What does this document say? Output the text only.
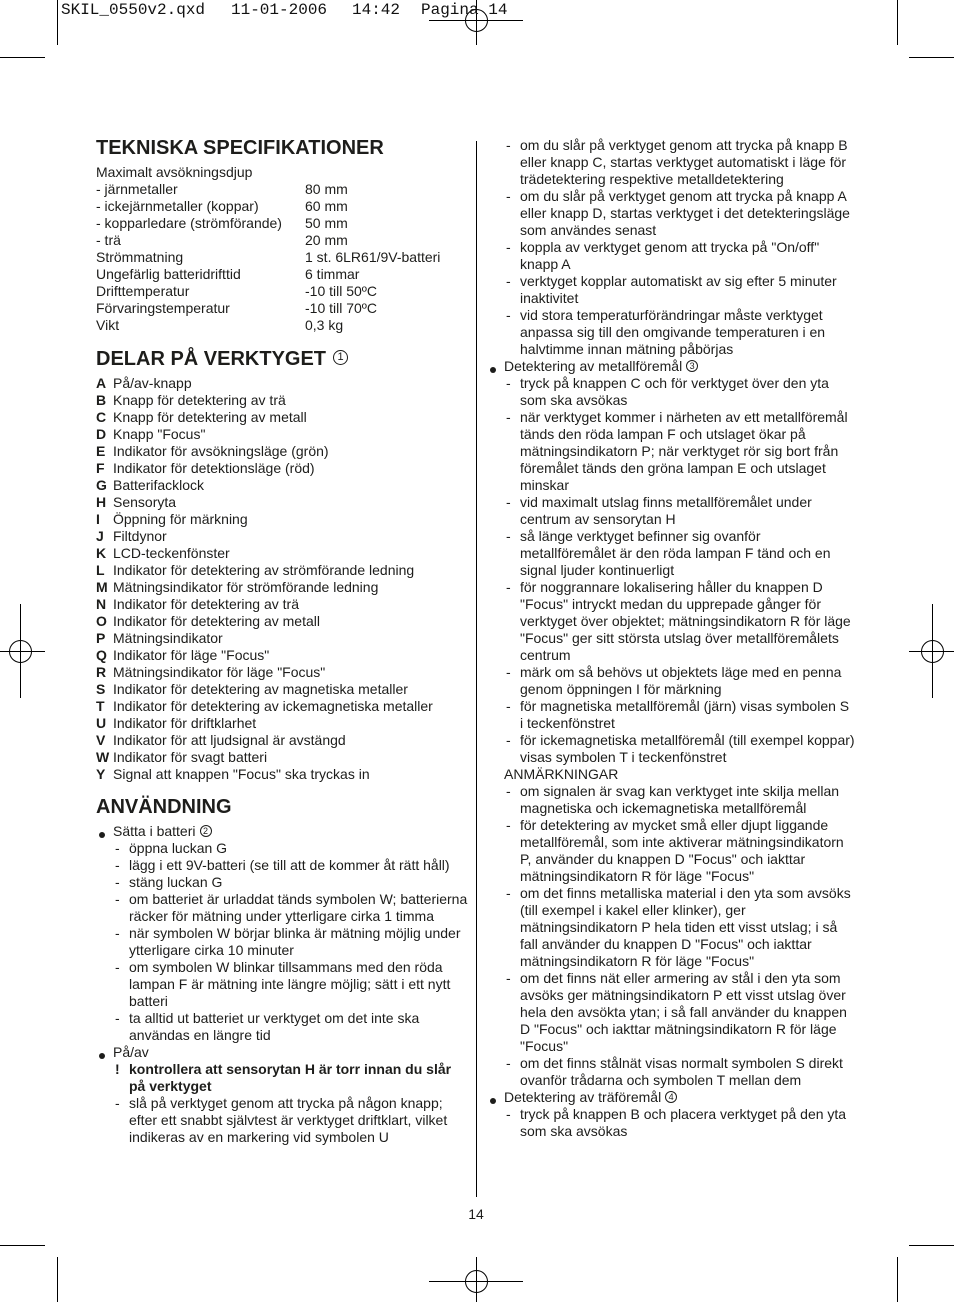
SKIL_0550v2.qxd 11-01-2006 14:42 Pagina 14
TEKNISKA SPECIFIKATIONER
Maximalt avsökningsdjup
- järnmetaller	80 mm
- ickejärnmetaller (koppar)	60 mm
- kopparledare (strömförande) 50 mm
- trä	20 mm
Strömmatning	1 st. 6LR61/9V-batteri
Ungefärlig batteridrifttid	6 timmar
Drifttemperatur	-10 till 50ºC
Förvaringstemperatur	-10 till 70ºC
Vikt	0,3 kg
DELAR PÅ VERKTYGET 1
A På/av-knapp
B Knapp för detektering av trä
C Knapp för detektering av metall
D Knapp "Focus"
E Indikator för avsökningsläge (grön)
F Indikator för detektionsläge (röd)
G Batterifacklock
H Sensoryta
I Öppning för märkning
J Filtdynor
K LCD-teckenfönster
L Indikator för detektering av strömförande ledning
M Mätningsindikator för strömförande ledning
N Indikator för detektering av trä
O Indikator för detektering av metall
P Mätningsindikator
Q Indikator för läge "Focus"
R Mätningsindikator för läge "Focus"
S Indikator för detektering av magnetiska metaller
T Indikator för detektering av ickemagnetiska metaller
U Indikator för driftklarhet
V Indikator för att ljudsignal är avstängd
W Indikator för svagt batteri
Y Signal att knappen "Focus" ska tryckas in
ANVÄNDNING
Sätta i batteri 2
- öppna luckan G
- lägg i ett 9V-batteri (se till att de kommer åt rätt håll)
- stäng luckan G
- om batteriet är urladdat tänds symbolen W; batterierna
räcker för mätning under ytterligare cirka 1 timma
- när symbolen W börjar blinka är mätning möjlig under
ytterligare cirka 10 minuter
- om symbolen W blinkar tillsammans med den röda
lampan F är mätning inte längre möjlig; sätt i ett nytt
batteri
- ta alltid ut batteriet ur verktyget om det inte ska
användas en längre tid
På/av
! kontrollera att sensorytan H är torr innan du slår
på verktyget
- slå på verktyget genom att trycka på någon knapp;
efter ett snabbt självtest är verktyget driftklart, vilket
indikeras av en markering vid symbolen U
- om du slår på verktyget genom att trycka på knapp B
eller knapp C, startas verktyget automatiskt i läge för
trädetektering respektive metalldetektering
- om du slår på verktyget genom att trycka på knapp A
eller knapp D, startas verktyget i det detekteringsläge
som användes senast
- koppla av verktyget genom att trycka på "On/off"
knapp A
- verktyget kopplar automatiskt av sig efter 5 minuter
inaktivitet
- vid stora temperaturförändringar måste verktyget
anpassa sig till den omgivande temperaturen i en
halvtimme innan mätning påbörjas
Detektering av metallföremål 3
- tryck på knappen C och för verktyget över den yta
som ska avsökas
- när verktyget kommer i närheten av ett metallföremål
tänds den röda lampan F och utslaget ökar på
mätningsindikatorn P; när verktyget rör sig bort från
föremålet tänds den gröna lampan E och utslaget
minskar
- vid maximalt utslag finns metallföremålet under
centrum av sensorytan H
- så länge verktyget befinner sig ovanför
metallföremålet är den röda lampan F tänd och en
signal ljuder kontinuerligt
- för noggrannare lokalisering håller du knappen D
"Focus" intryckt medan du upprepade gånger för
verktyget över objektet; mätningsindikatorn R för läge
"Focus" ger sitt största utslag över metallföremålets
centrum
- märk om så behövs ut objektets läge med en penna
genom öppningen I för märkning
- för magnetiska metallföremål (järn) visas symbolen S
i teckenfönstret
- för ickemagnetiska metallföremål (till exempel koppar)
visas symbolen T i teckenfönstret
ANMÄRKNINGAR
- om signalen är svag kan verktyget inte skilja mellan
magnetiska och ickemagnetiska metallföremål
- för detektering av mycket små eller djupt liggande
metallföremål, som inte aktiverar mätningsindikatorn
P, använder du knappen D "Focus" och iakttar
mätningsindikatorn R för läge "Focus"
- om det finns metalliska material i den yta som avsöks
(till exempel i kakel eller klinker), ger
mätningsindikatorn P hela tiden ett visst utslag; i så
fall använder du knappen D "Focus" och iakttar
mätningsindikatorn R för läge "Focus"
- om det finns nät eller armering av stål i den yta som
avsöks ger mätningsindikatorn P ett visst utslag över
hela den avsökta ytan; i så fall använder du knappen
D "Focus" och iakttar mätningsindikatorn R för läge
"Focus"
- om det finns stålnät visas normalt symbolen S direkt
ovanför trådarna och symbolen T mellan dem
Detektering av träföremål 4
- tryck på knappen B och placera verktyget på den yta
som ska avsökas
14
